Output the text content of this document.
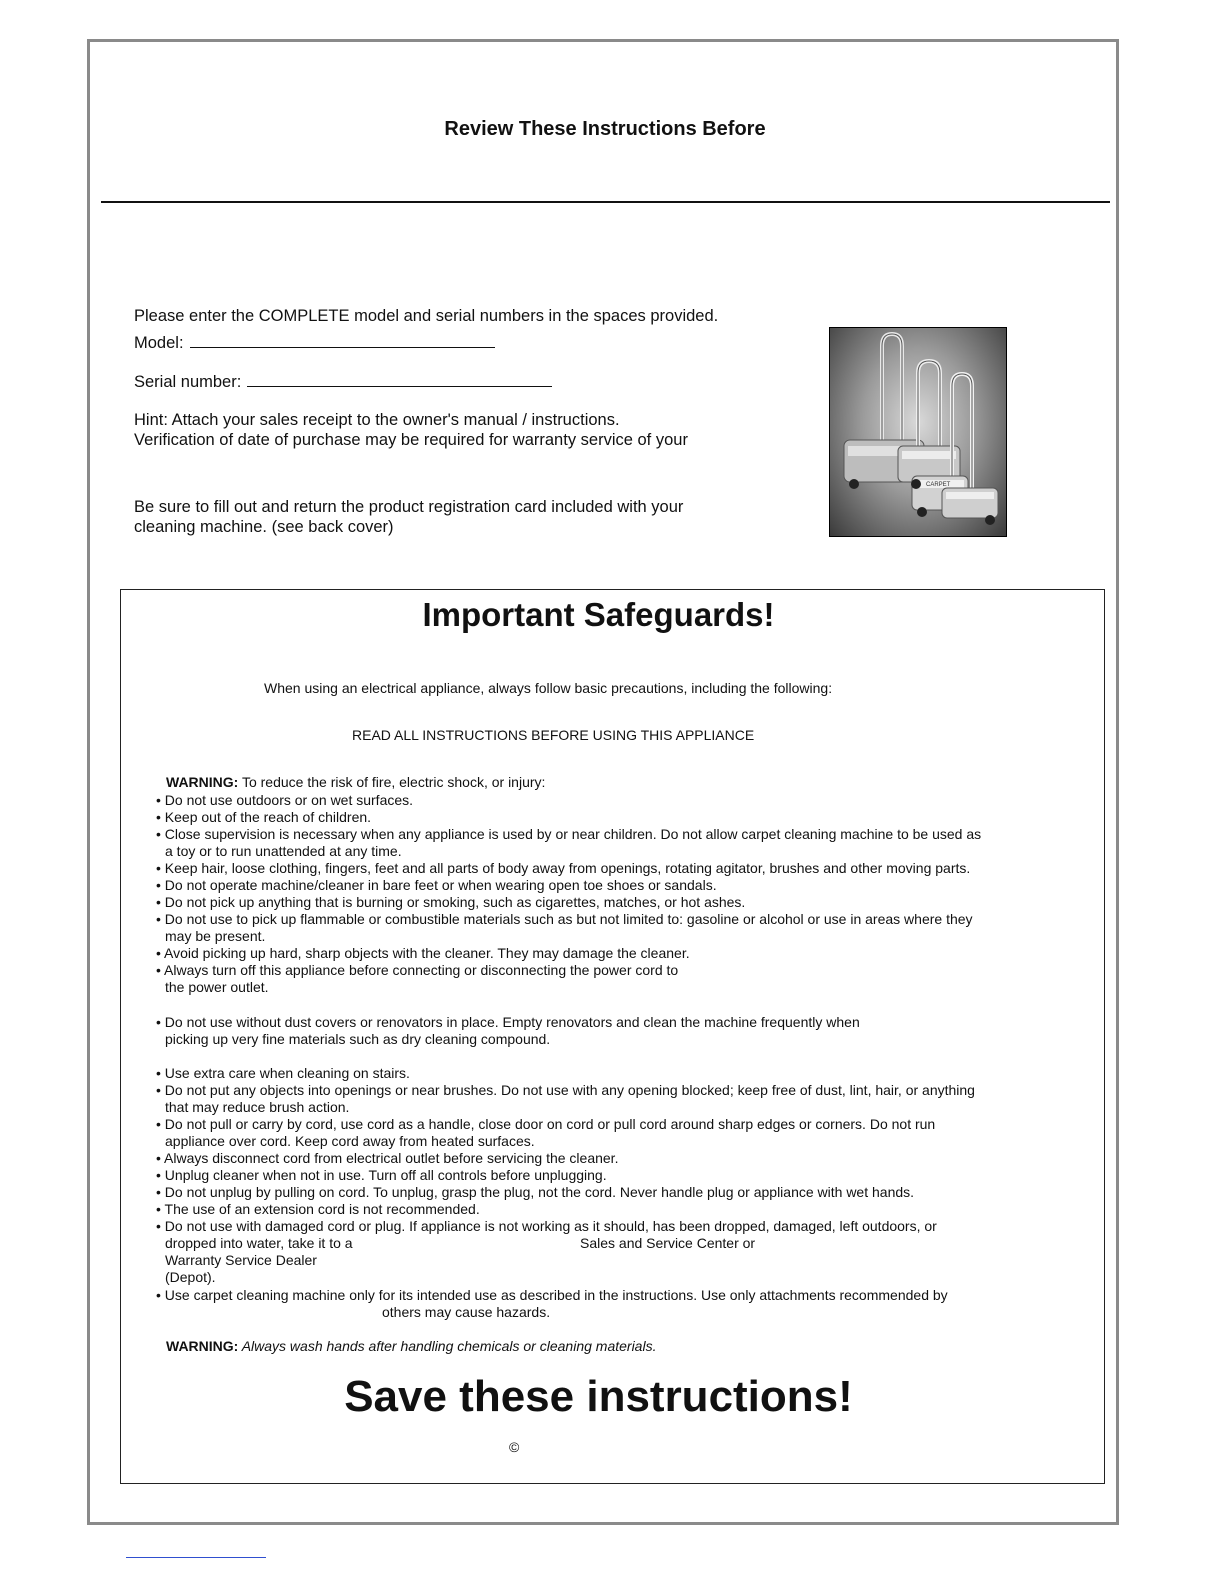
Review These Instructions Before
Please enter the COMPLETE model and serial numbers in the spaces provided.
Model:
Serial number:
Hint: Attach your sales receipt to the owner's manual / instructions.
Verification of date of purchase may be required for warranty service of your
Be sure to fill out and return the product registration card included with your
cleaning machine. (see back cover)
CARPET
Important Safeguards!
When using an electrical appliance, always follow basic precautions, including the following:
READ ALL INSTRUCTIONS BEFORE USING THIS APPLIANCE
WARNING: To reduce the risk of fire, electric shock, or injury:
• Do not use outdoors or on wet surfaces.
• Keep out of the reach of children.
• Close supervision is necessary when any appliance is used by or near children. Do not allow carpet cleaning machine to be used as
a toy or to run unattended at any time.
• Keep hair, loose clothing, fingers, feet and all parts of body away from openings, rotating agitator, brushes and other moving parts.
• Do not operate machine/cleaner in bare feet or when wearing open toe shoes or sandals.
• Do not pick up anything that is burning or smoking, such as cigarettes, matches, or hot ashes.
• Do not use to pick up flammable or combustible materials such as but not limited to: gasoline or alcohol or use in areas where they
may be present.
• Avoid picking up hard, sharp objects with the cleaner. They may damage the cleaner.
• Always turn off this appliance before connecting or disconnecting the power cord to
the power outlet.
• Do not use without dust covers or renovators in place. Empty renovators and clean the machine frequently when
picking up very fine materials such as dry cleaning compound.
• Use extra care when cleaning on stairs.
• Do not put any objects into openings or near brushes. Do not use with any opening blocked; keep free of dust, lint, hair, or anything
that may reduce brush action.
• Do not pull or carry by cord, use cord as a handle, close door on cord or pull cord around sharp edges or corners. Do not run
appliance over cord. Keep cord away from heated surfaces.
• Always disconnect cord from electrical outlet before servicing the cleaner.
• Unplug cleaner when not in use. Turn off all controls before unplugging.
• Do not unplug by pulling on cord. To unplug, grasp the plug, not the cord. Never handle plug or appliance with wet hands.
• The use of an extension cord is not recommended.
• Do not use with damaged cord or plug. If appliance is not working as it should, has been dropped, damaged, left outdoors, or
dropped into water, take it to a	Sales and Service Center or
Warranty Service Dealer
(Depot).
• Use carpet cleaning machine only for its intended use as described in the instructions. Use only attachments recommended by
others may cause hazards.
WARNING: Always wash hands after handling chemicals or cleaning materials.
Save these instructions!
©
